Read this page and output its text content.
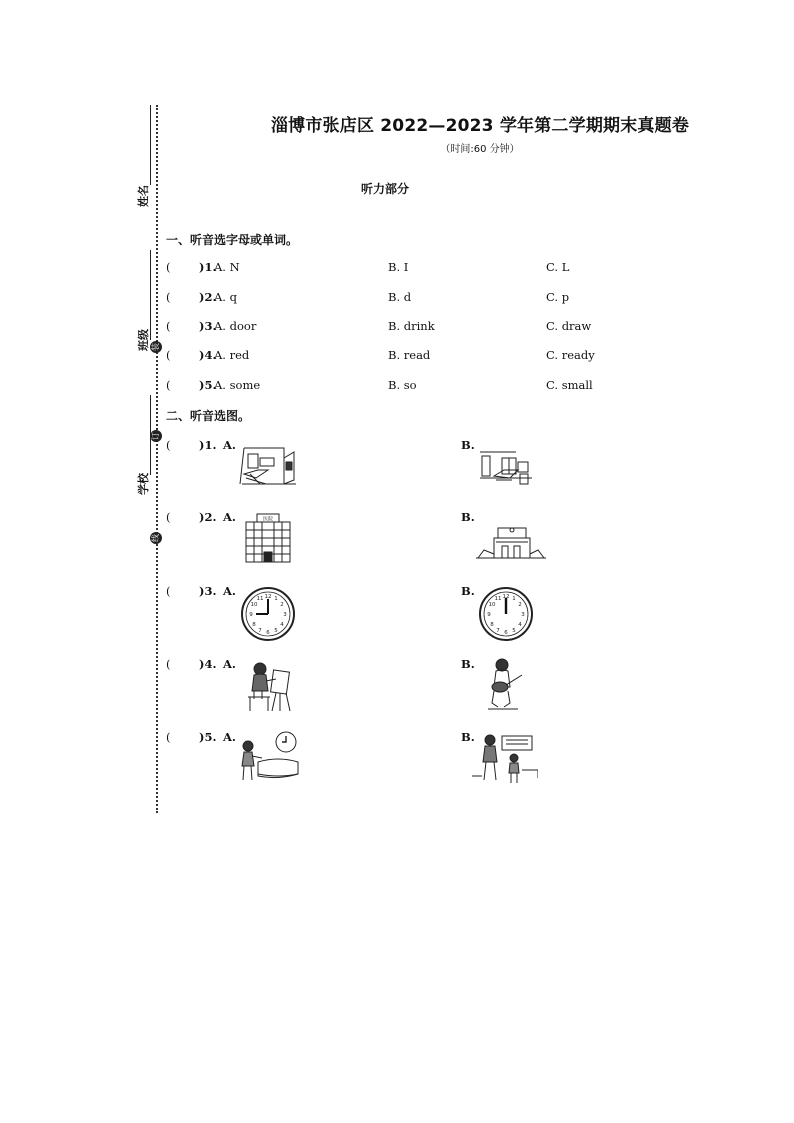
姓名
班级 装
订
学校
线
淄博市张店区 2022—2023 学年第二学期期末真题卷
（时间:60 分钟）
听力部分
一、听音选字母或单词。
( )1.
A. N	B. I	C. L
( )2.
A. q	B. d	C. p
( )3.
A. door	B. drink	C. draw
( )4.
A. red	B. read	C. ready
( )5.
A. some	B. so	C. small
二、听音选图。
( )1. A.	B.
( )2. A.	B.
医院
( )3. A.	B.
12 1
2
3
4
5
6
7
8
9
10
11	12 1
2
3
4
5
6
7
8
9
10
11
( )4. A.	B.
( )5. A.	B.
